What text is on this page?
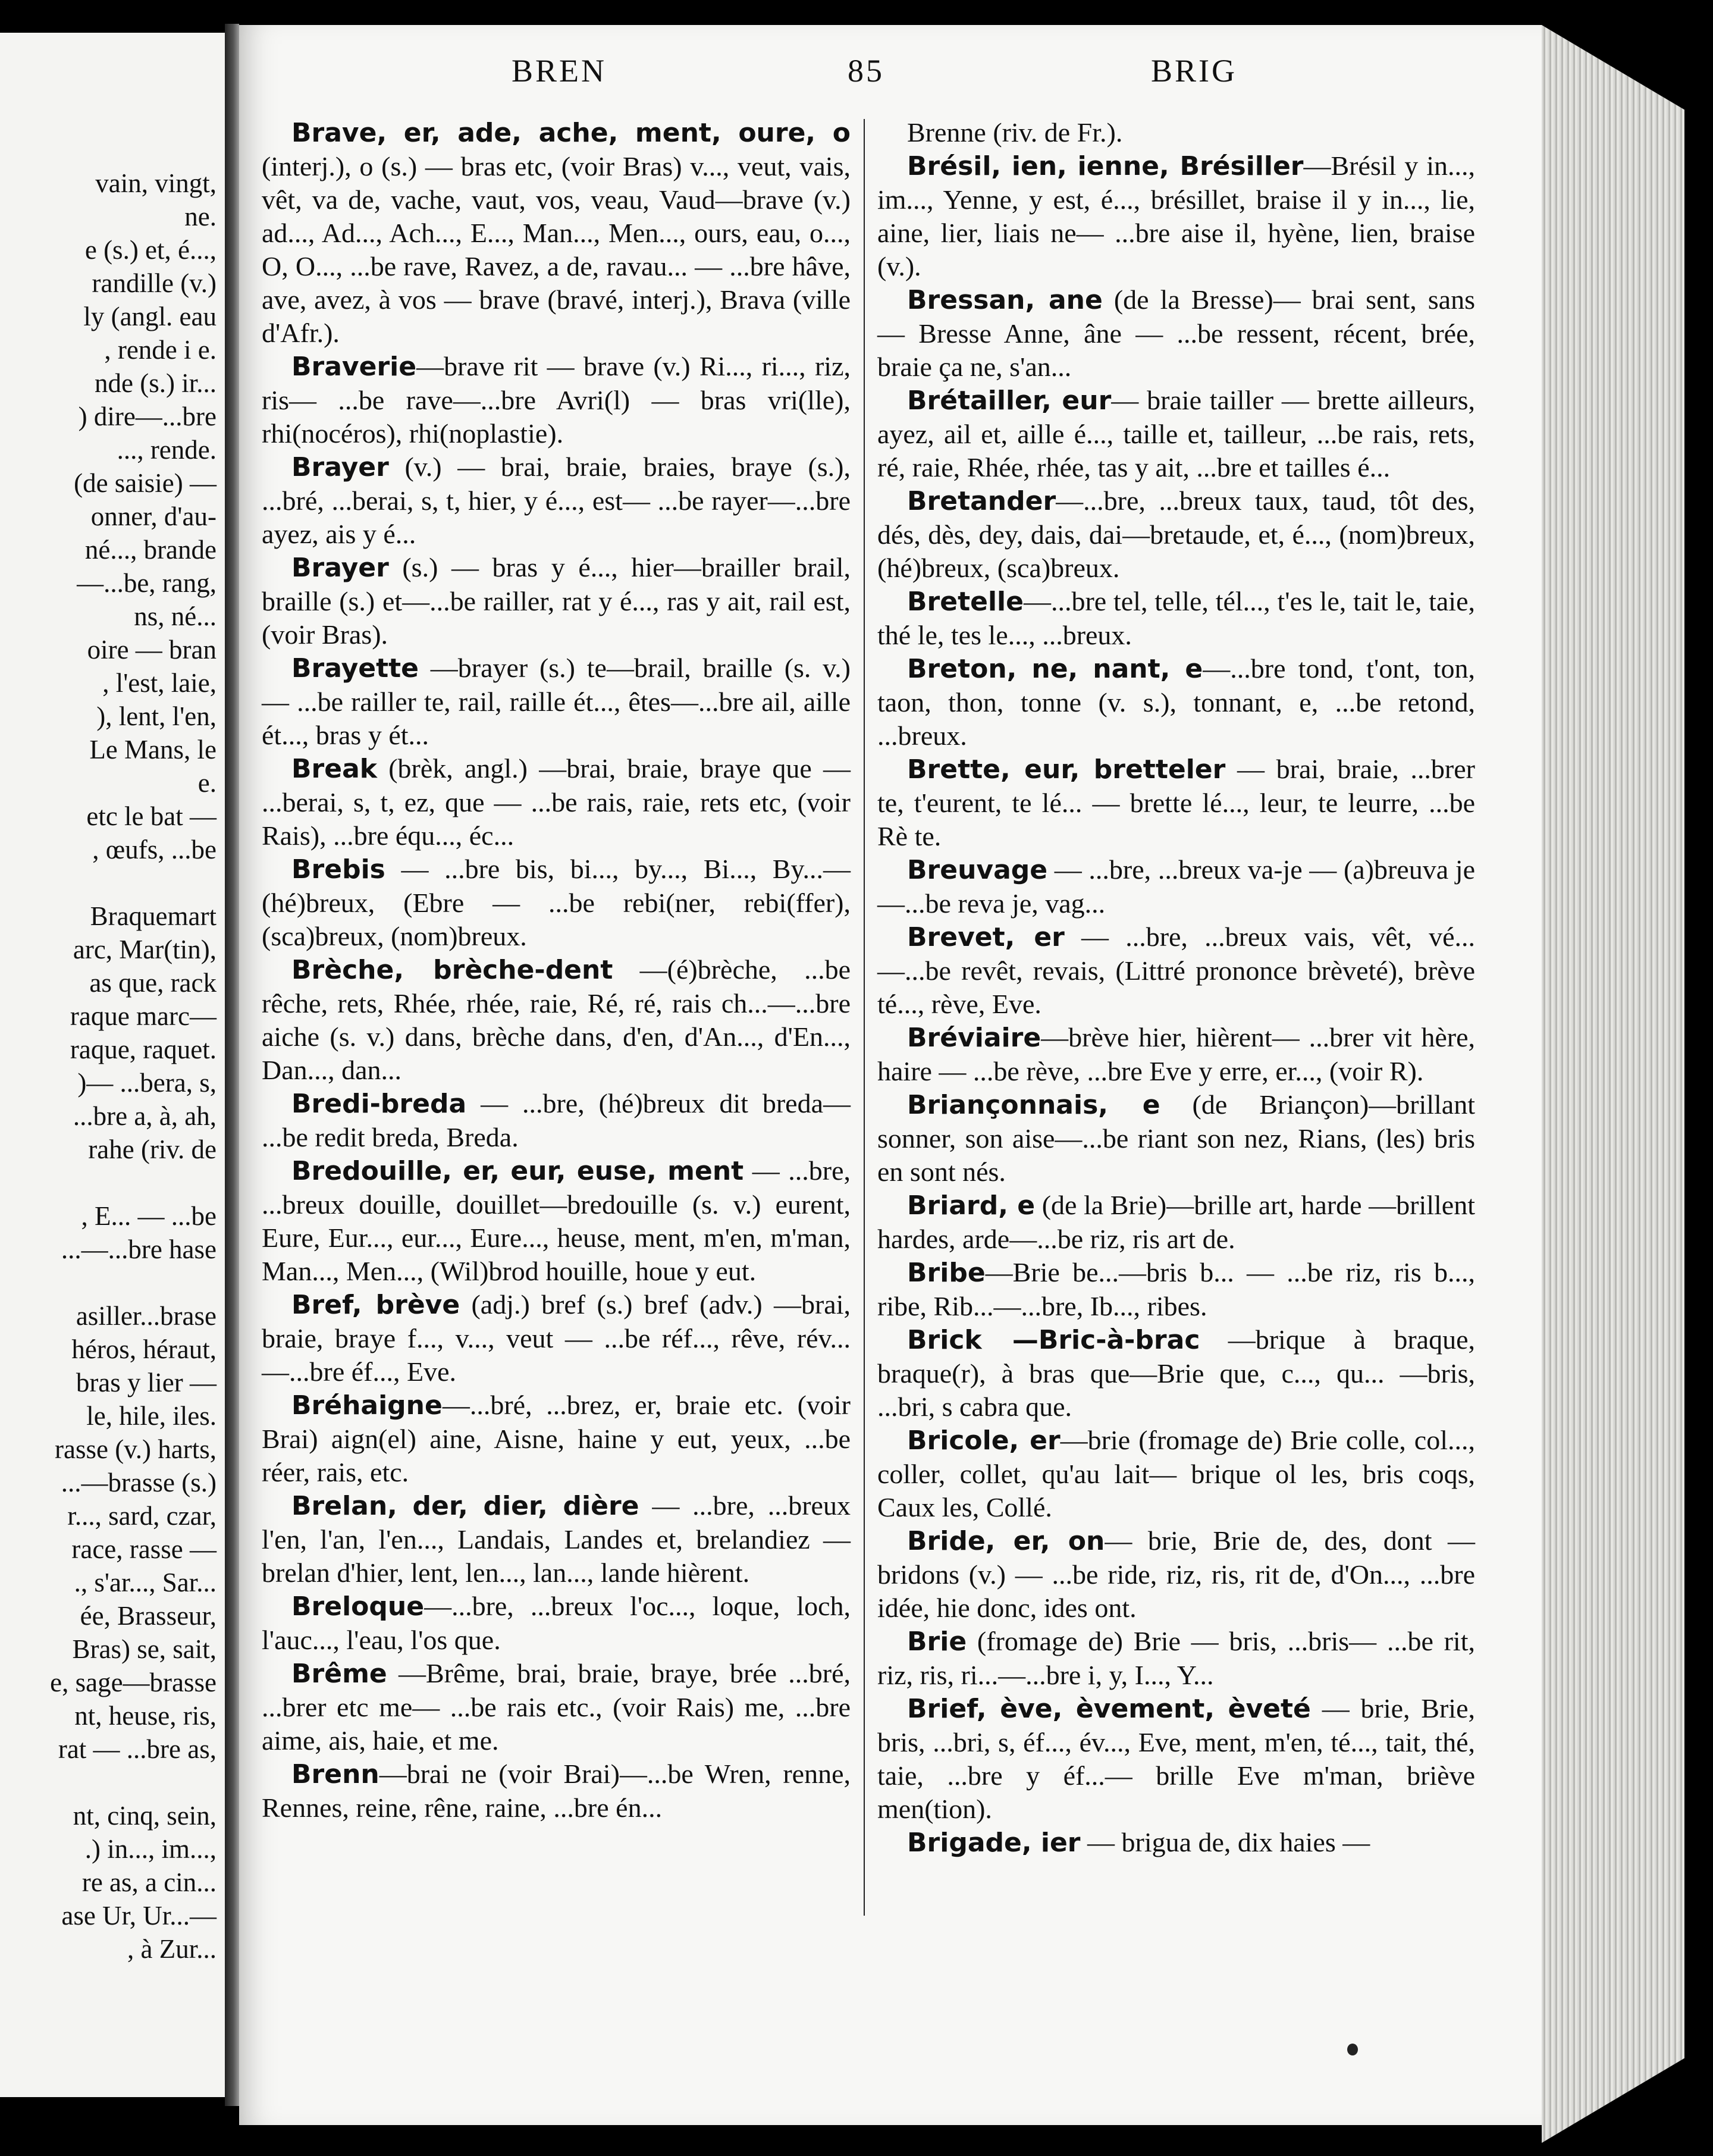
vain, vingt,
ne.
e (s.) et, é...,
randille (v.)
ly (angl. eau
, rende i e.
nde (s.) ir...
) dire—...bre
..., rende.
(de saisie) —
onner, d'au-
né..., brande
—...be, rang,
ns, né...
oire — bran
, l'est, laie,
), lent, l'en,
Le Mans, le
e.
etc le bat —
, œufs, ...be
Braquemart
arc, Mar(tin),
as que, rack
raque marc—
raque, raquet.
)— ...bera, s,
...bre a, à, ah,
rahe (riv. de
, E... — ...be
...—...bre hase
asiller...brase
héros, héraut,
bras y lier —
le, hile, iles.
rasse (v.) harts,
...—brasse (s.)
r..., sard, czar,
race, rasse —
., s'ar..., Sar...
ée, Brasseur,
Bras) se, sait,
e, sage—brasse
nt, heuse, ris,
rat — ...bre as,
nt, cinq, sein,
.) in..., im...,
re as, a cin...
ase Ur, Ur...—
, à Zur...
BREN	85	BRIG
Brave, er, ade, ache, ment, oure, o (interj.), o (s.) — bras etc, (voir Bras) v..., veut, vais, vêt, va de, vache, vaut, vos, veau, Vaud—brave (v.) ad..., Ad..., Ach..., E..., Man..., Men..., ours, eau, o..., O, O..., ...be rave, Ravez, a de, ravau... — ...bre hâve, ave, avez, à vos — brave (bravé, interj.), Brava (ville d'Afr.).
Braverie—brave rit — brave (v.) Ri..., ri..., riz, ris— ...be rave—...bre Avri(l) — bras vri(lle), rhi(nocéros), rhi(noplastie).
Brayer (v.) — brai, braie, braies, braye (s.), ...bré, ...berai, s, t, hier, y é..., est— ...be rayer—...bre ayez, ais y é...
Brayer (s.) — bras y é..., hier—brailler brail, braille (s.) et—...be railler, rat y é..., ras y ait, rail est, (voir Bras).
Brayette —brayer (s.) te—brail, braille (s. v.) — ...be railler te, rail, raille ét..., êtes—...bre ail, aille ét..., bras y ét...
Break (brèk, angl.) —brai, braie, braye que — ...berai, s, t, ez, que — ...be rais, raie, rets etc, (voir Rais), ...bre équ..., éc...
Brebis — ...bre bis, bi..., by..., Bi..., By...—(hé)breux, (Ebre — ...be rebi(ner, rebi(ffer), (sca)breux, (nom)breux.
Brèche, brèche-dent —(é)brèche, ...be rêche, rets, Rhée, rhée, raie, Ré, ré, rais ch...—...bre aiche (s. v.) dans, brèche dans, d'en, d'An..., d'En..., Dan..., dan...
Bredi-breda — ...bre, (hé)breux dit breda— ...be redit breda, Breda.
Bredouille, er, eur, euse, ment — ...bre, ...breux douille, douillet—bredouille (s. v.) eurent, Eure, Eur..., eur..., Eure..., heuse, ment, m'en, m'man, Man..., Men..., (Wil)brod houille, houe y eut.
Bref, brève (adj.) bref (s.) bref (adv.) —brai, braie, braye f..., v..., veut — ...be réf..., rêve, rév...—...bre éf..., Eve.
Bréhaigne—...bré, ...brez, er, braie etc. (voir Brai) aign(el) aine, Aisne, haine y eut, yeux, ...be réer, rais, etc.
Brelan, der, dier, dière — ...bre, ...breux l'en, l'an, l'en..., Landais, Landes et, brelandiez — brelan d'hier, lent, len..., lan..., lande hièrent.
Breloque—...bre, ...breux l'oc..., loque, loch, l'auc..., l'eau, l'os que.
Brême —Brême, brai, braie, braye, brée ...bré, ...brer etc me— ...be rais etc., (voir Rais) me, ...bre aime, ais, haie, et me.
Brenn—brai ne (voir Brai)—...be Wren, renne, Rennes, reine, rêne, raine, ...bre én...
Brenne (riv. de Fr.).
Brésil, ien, ienne, Brésiller—Brésil y in..., im..., Yenne, y est, é..., brésillet, braise il y in..., lie, aine, lier, liais ne— ...bre aise il, hyène, lien, braise (v.).
Bressan, ane (de la Bresse)— brai sent, sans — Bresse Anne, âne — ...be ressent, récent, brée, braie ça ne, s'an...
Brétailler, eur— braie tailler — brette ailleurs, ayez, ail et, aille é..., taille et, tailleur, ...be rais, rets, ré, raie, Rhée, rhée, tas y ait, ...bre et tailles é...
Bretander—...bre, ...breux taux, taud, tôt des, dés, dès, dey, dais, dai—bretaude, et, é..., (nom)breux, (hé)breux, (sca)breux.
Bretelle—...bre tel, telle, tél..., t'es le, tait le, taie, thé le, tes le..., ...breux.
Breton, ne, nant, e—...bre tond, t'ont, ton, taon, thon, tonne (v. s.), tonnant, e, ...be retond, ...breux.
Brette, eur, bretteler — brai, braie, ...brer te, t'eurent, te lé... — brette lé..., leur, te leurre, ...be Rè te.
Breuvage — ...bre, ...breux va-je — (a)breuva je—...be reva je, vag...
Brevet, er — ...bre, ...breux vais, vêt, vé... —...be revêt, revais, (Littré prononce brèveté), brève té..., rève, Eve.
Bréviaire—brève hier, hièrent— ...brer vit hère, haire — ...be rève, ...bre Eve y erre, er..., (voir R).
Briançonnais, e (de Briançon)—brillant sonner, son aise—...be riant son nez, Rians, (les) bris en sont nés.
Briard, e (de la Brie)—brille art, harde —brillent hardes, arde—...be riz, ris art de.
Bribe—Brie be...—bris b... — ...be riz, ris b..., ribe, Rib...—...bre, Ib..., ribes.
Brick —Bric-à-brac —brique à braque, braque(r), à bras que—Brie que, c..., qu... —bris, ...bri, s cabra que.
Bricole, er—brie (fromage de) Brie colle, col..., coller, collet, qu'au lait— brique ol les, bris coqs, Caux les, Collé.
Bride, er, on— brie, Brie de, des, dont —bridons (v.) — ...be ride, riz, ris, rit de, d'On..., ...bre idée, hie donc, ides ont.
Brie (fromage de) Brie — bris, ...bris— ...be rit, riz, ris, ri...—...bre i, y, I..., Y...
Brief, ève, èvement, èveté — brie, Brie, bris, ...bri, s, éf..., év..., Eve, ment, m'en, té..., tait, thé, taie, ...bre y éf...— brille Eve m'man, briève men(tion).
Brigade, ier — brigua de, dix haies —
